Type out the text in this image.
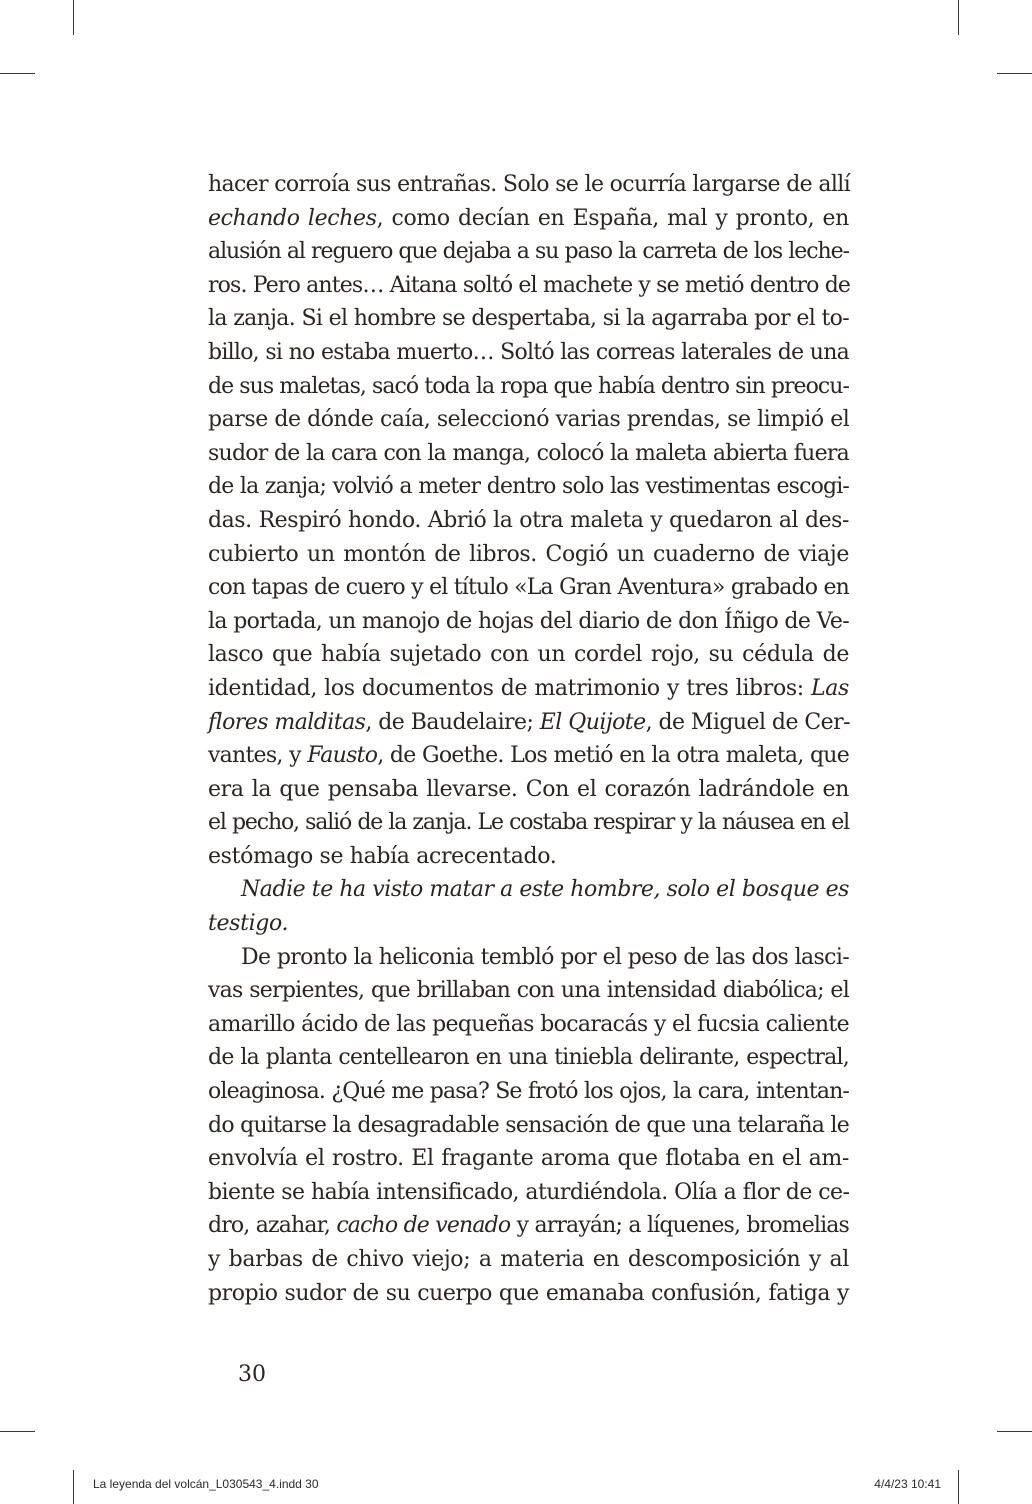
hacer corroía sus entrañas. Solo se le ocurría largarse de allí
echando leches, como decían en España, mal y pronto, en
alusión al reguero que dejaba a su paso la carreta de los leche-
ros. Pero antes… Aitana soltó el machete y se metió dentro de
la zanja. Si el hombre se despertaba, si la agarraba por el to-
billo, si no estaba muerto… Soltó las correas laterales de una
de sus maletas, sacó toda la ropa que había dentro sin preocu-
parse de dónde caía, seleccionó varias prendas, se limpió el
sudor de la cara con la manga, colocó la maleta abierta fuera
de la zanja; volvió a meter dentro solo las vestimentas escogi-
das. Respiró hondo. Abrió la otra maleta y quedaron al des-
cubierto un montón de libros. Cogió un cuaderno de viaje
con tapas de cuero y el título «La Gran Aventura» grabado en
la portada, un manojo de hojas del diario de don Íñigo de Ve-
lasco que había sujetado con un cordel rojo, su cédula de
identidad, los documentos de matrimonio y tres libros: Las
flores malditas, de Baudelaire; El Quijote, de Miguel de Cer-
vantes, y Fausto, de Goethe. Los metió en la otra maleta, que
era la que pensaba llevarse. Con el corazón ladrándole en
el pecho, salió de la zanja. Le costaba respirar y la náusea en el
estómago se había acrecentado.
Nadie te ha visto matar a este hombre, solo el bosque es
testigo.
De pronto la heliconia tembló por el peso de las dos lasci-
vas serpientes, que brillaban con una intensidad diabólica; el
amarillo ácido de las pequeñas bocaracás y el fucsia caliente
de la planta centellearon en una tiniebla delirante, espectral,
oleaginosa. ¿Qué me pasa? Se frotó los ojos, la cara, intentan-
do quitarse la desagradable sensación de que una telaraña le
envolvía el rostro. El fragante aroma que flotaba en el am-
biente se había intensificado, aturdiéndola. Olía a flor de ce-
dro, azahar, cacho de venado y arrayán; a líquenes, bromelias
y barbas de chivo viejo; a materia en descomposición y al
propio sudor de su cuerpo que emanaba confusión, fatiga y
30
La leyenda del volcán_L030543_4.indd 30	4/4/23 10:41
